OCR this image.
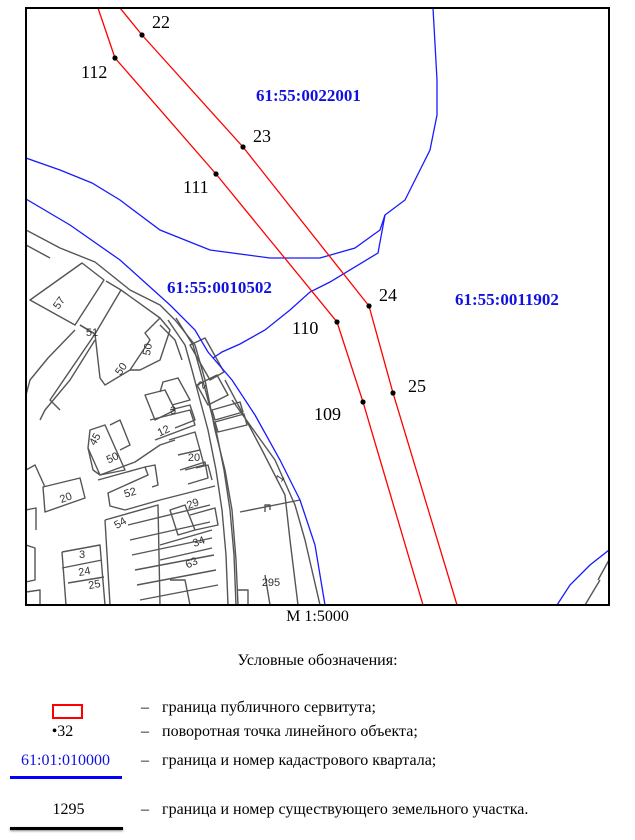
22
112
23
111
24
110
25
109
61:55:0022001
61:55:0010502
61:55:0011902
57
51
50
50
2
3
45	12
50	20
20	52
29
54
34
3
24
63
25	295
1
М 1:5000
Условные обозначения:
– граница публичного сервитута;
•32	– поворотная точка линейного объекта;
61:01:010000	– граница и номер кадастрового квартала;
1295	– граница и номер существующего земельного участка.
